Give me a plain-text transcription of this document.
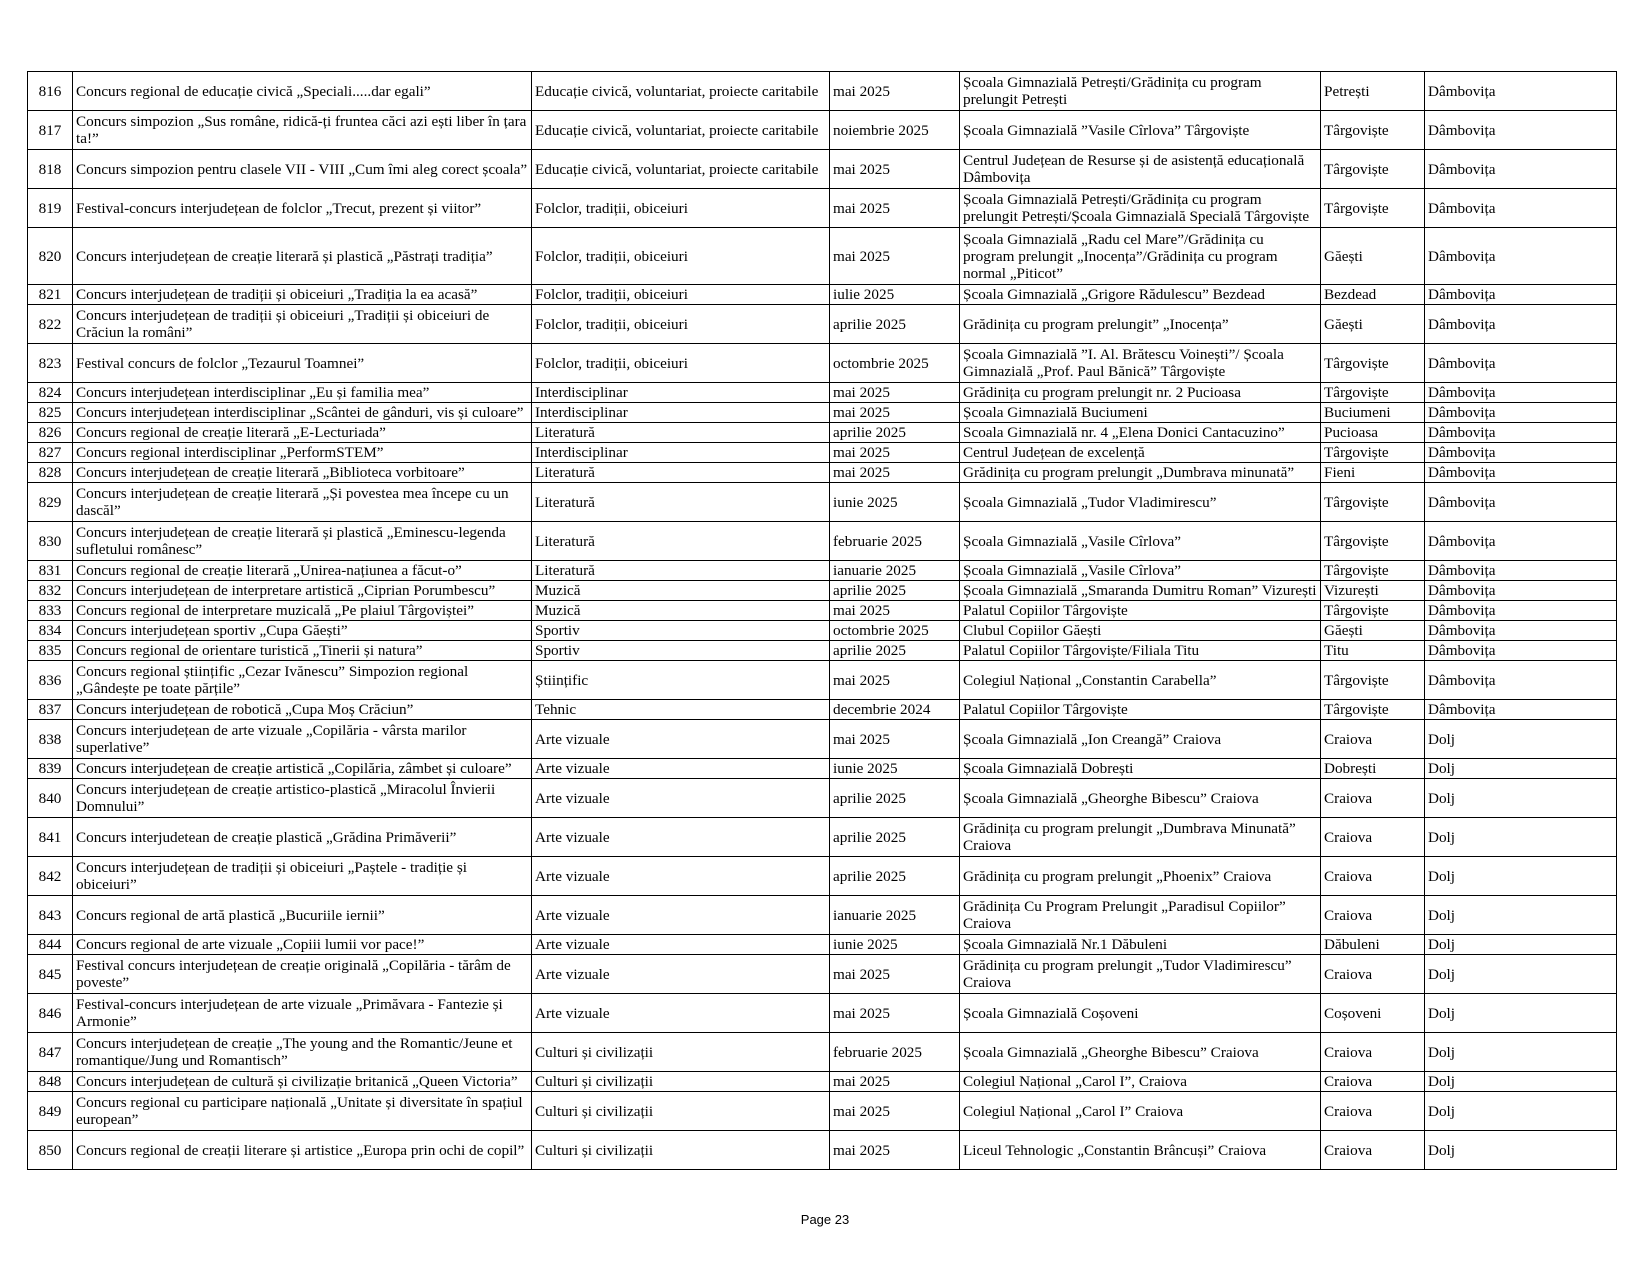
816	Concurs regional de educație civică „Speciali.....dar egali”	Educație civică, voluntariat, proiecte caritabile	mai 2025	Școala Gimnazială Petrești/Grădinița cu program prelungit Petrești	Petrești	Dâmbovița
817	Concurs simpozion „Sus române, ridică-ți fruntea căci azi ești liber în țara ta!”	Educație civică, voluntariat, proiecte caritabile	noiembrie 2025	Școala Gimnazială ”Vasile Cîrlova” Târgoviște	Târgoviște	Dâmbovița
818	Concurs simpozion pentru clasele VII - VIII „Cum îmi aleg corect școala”	Educație civică, voluntariat, proiecte caritabile	mai 2025	Centrul Județean de Resurse și de asistență educațională Dâmbovița	Târgoviște	Dâmbovița
819	Festival-concurs interjudețean de folclor „Trecut, prezent și viitor”	Folclor, tradiții, obiceiuri	mai 2025	Școala Gimnazială Petrești/Grădinița cu program prelungit Petrești/Școala Gimnazială Specială Târgoviște	Târgoviște	Dâmbovița
820	Concurs interjudețean de creație literară și plastică „Păstrați tradiția”	Folclor, tradiții, obiceiuri	mai 2025	Școala Gimnazială „Radu cel Mare”/Grădinița cu program prelungit „Inocența”/Grădinița cu program normal „Piticot”	Găești	Dâmbovița
821	Concurs interjudețean de tradiții și obiceiuri „Tradiția la ea acasă”	Folclor, tradiții, obiceiuri	iulie 2025	Școala Gimnazială „Grigore Rădulescu” Bezdead	Bezdead	Dâmbovița
822	Concurs interjudețean de tradiții și obiceiuri „Tradiții și obiceiuri de Crăciun la români”	Folclor, tradiții, obiceiuri	aprilie 2025	Grădinița cu program prelungit” „Inocența”	Găești	Dâmbovița
823	Festival concurs de folclor „Tezaurul Toamnei”	Folclor, tradiții, obiceiuri	octombrie 2025	Școala Gimnazială ”I. Al. Brătescu Voinești”/ Școala Gimnazială „Prof. Paul Bănică” Târgoviște	Târgoviște	Dâmbovița
824	Concurs interjudețean interdisciplinar „Eu și familia mea”	Interdisciplinar	mai 2025	Grădinița cu program prelungit nr. 2 Pucioasa	Târgoviște	Dâmbovița
825	Concurs interjudețean interdisciplinar „Scântei de gânduri, vis și culoare”	Interdisciplinar	mai 2025	Școala Gimnazială Buciumeni	Buciumeni	Dâmbovița
826	Concurs regional de creație literară „E-Lecturiada”	Literatură	aprilie 2025	Scoala Gimnazială nr. 4 „Elena Donici Cantacuzino”	Pucioasa	Dâmbovița
827	Concurs regional interdisciplinar „PerformSTEM”	Interdisciplinar	mai 2025	Centrul Județean de excelență	Târgoviște	Dâmbovița
828	Concurs interjudețean de creație literară „Biblioteca vorbitoare”	Literatură	mai 2025	Grădinița cu program prelungit „Dumbrava minunată”	Fieni	Dâmbovița
829	Concurs interjudețean de creație literară „Și povestea mea începe cu un dascăl”	Literatură	iunie 2025	Școala Gimnazială „Tudor Vladimirescu”	Târgoviște	Dâmbovița
830	Concurs interjudețean de creație literară și plastică „Eminescu-legenda sufletului românesc”	Literatură	februarie 2025	Școala Gimnazială „Vasile Cîrlova”	Târgoviște	Dâmbovița
831	Concurs regional de creație literară „Unirea-națiunea a făcut-o”	Literatură	ianuarie 2025	Școala Gimnazială „Vasile Cîrlova”	Târgoviște	Dâmbovița
832	Concurs interjudețean de interpretare artistică „Ciprian Porumbescu”	Muzică	aprilie 2025	Școala Gimnazială „Smaranda Dumitru Roman” Vizurești	Vizurești	Dâmbovița
833	Concurs regional de interpretare muzicală „Pe plaiul Târgoviștei”	Muzică	mai 2025	Palatul Copiilor Târgoviște	Târgoviște	Dâmbovița
834	Concurs interjudețean sportiv „Cupa Găești”	Sportiv	octombrie 2025	Clubul Copiilor Găești	Găești	Dâmbovița
835	Concurs regional de orientare turistică „Tinerii și natura”	Sportiv	aprilie 2025	Palatul Copiilor Târgoviște/Filiala Titu	Titu	Dâmbovița
836	Concurs regional științific „Cezar Ivănescu” Simpozion regional „Gândește pe toate părțile”	Științific	mai 2025	Colegiul Național „Constantin Carabella”	Târgoviște	Dâmbovița
837	Concurs interjudețean de robotică „Cupa Moș Crăciun”	Tehnic	decembrie 2024	Palatul Copiilor Târgoviște	Târgoviște	Dâmbovița
838	Concurs interjudețean de arte vizuale „Copilăria - vârsta marilor superlative”	Arte vizuale	mai 2025	Școala Gimnazială „Ion Creangă” Craiova	Craiova	Dolj
839	Concurs interjudețean de creație artistică „Copilăria, zâmbet și culoare”	Arte vizuale	iunie 2025	Școala Gimnazială Dobrești	Dobrești	Dolj
840	Concurs interjudețean de creație artistico-plastică „Miracolul Învierii Domnului”	Arte vizuale	aprilie 2025	Școala Gimnazială „Gheorghe Bibescu” Craiova	Craiova	Dolj
841	Concurs interjudetean de creație plastică „Grădina Primăverii”	Arte vizuale	aprilie 2025	Grădinița cu program prelungit „Dumbrava Minunată” Craiova	Craiova	Dolj
842	Concurs interjudețean de tradiții și obiceiuri „Paștele - tradiție și obiceiuri”	Arte vizuale	aprilie 2025	Grădinița cu program prelungit „Phoenix” Craiova	Craiova	Dolj
843	Concurs regional de artă plastică „Bucuriile iernii”	Arte vizuale	ianuarie 2025	Grădinița Cu Program Prelungit „Paradisul Copiilor” Craiova	Craiova	Dolj
844	Concurs regional de arte vizuale „Copiii lumii vor pace!”	Arte vizuale	iunie 2025	Școala Gimnazială Nr.1 Dăbuleni	Dăbuleni	Dolj
845	Festival concurs interjudețean de creație originală „Copilăria - tărâm de poveste”	Arte vizuale	mai 2025	Grădinița cu program prelungit „Tudor Vladimirescu” Craiova	Craiova	Dolj
846	Festival-concurs interjudețean de arte vizuale „Primăvara - Fantezie și Armonie”	Arte vizuale	mai 2025	Școala Gimnazială Coșoveni	Coșoveni	Dolj
847	Concurs interjudețean de creație „The young and the Romantic/Jeune et romantique/Jung und Romantisch”	Culturi și civilizații	februarie 2025	Școala Gimnazială „Gheorghe Bibescu” Craiova	Craiova	Dolj
848	Concurs interjudețean de cultură și civilizație britanică „Queen Victoria”	Culturi și civilizații	mai 2025	Colegiul Național „Carol I”, Craiova	Craiova	Dolj
849	Concurs regional cu participare națională „Unitate și diversitate în spațiul european”	Culturi și civilizații	mai 2025	Colegiul Național „Carol I” Craiova	Craiova	Dolj
850	Concurs regional de creații literare și artistice „Europa prin ochi de copil”	Culturi și civilizații	mai 2025	Liceul Tehnologic „Constantin Brâncuși” Craiova	Craiova	Dolj
Page 23
